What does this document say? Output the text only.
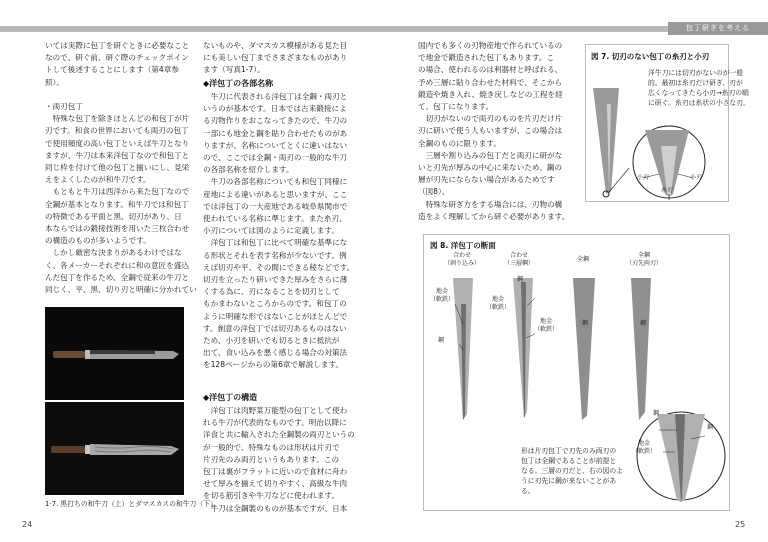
包丁研ぎを考える
いては実際に包丁を研ぐときに必要なこと
なので、研ぐ前、研ぐ際のチェックポイン
トして後述することにします（第4章参
照）。

・両刃包丁
　特殊な包丁を除きほとんどの和包丁が片
刃です。和食の世界においても両刃の包丁
で使用頻度の高い包丁といえば牛刀となり
ますが、牛刀は本来洋包丁なので和包丁と
同じ枠を付けて他の包丁と揃いにし、見栄
えをよくしたのが和牛刀です。
　もともと牛刀は西洋から来た包丁なので
全鋼が基本となります。和牛刀では和包丁
の特徴である平面と黒、切刃があり、日
本ならではの鍛接技術を用いた三枚合わせ
の構造のものが多いようです。
　しかし厳密な決まりがあるわけではな
く、各メーカーそれぞれに和の意匠を盛込
んだ包丁を作るため、全鋼で従来の牛刀と
同じく、平、黒、切り刃と明確に分かれてい
ないものや、ダマスカス模様がある見た目
にも美しい包丁までさまざまなものがあり
ます（写真1-7）。
◆洋包丁の各部名称
　牛刀に代表される洋包丁は全鋼・両刃と
いうのが基本です。日本では古来鍛接によ
る刃物作りをおこなってきたので、牛刀の
一部にも地金と鋼を貼り合わせたものがあ
りますが、名称についてとくに違いはない
ので、ここでは全鋼・両刃の一般的な牛刀
の各部名称を紹介します。
　牛刀の各部名称についても和包丁同様に
産地による違いがあると思いますが、ここ
では洋包丁の一大産地である岐阜県関市で
使われている名称に準じます。また糸刃、
小刃については図のように定義します。
　洋包丁は和包丁に比べて明確な基準にな
る形状とそれを表す名称が少ないです。例
えば切刃や平、その間にできる稜などです。
切刃を立ったり研いできた厚みをさらに薄
くする為に、刃になることを切刃として
もかまわないところからのです。和包丁の
ように明確な形ではないことがほとんどで
す。創意の洋包丁では切刃あるものはない
ため、小刃を研いでも切るときに抵抗が
出て、食い込みを悪く感じる場合の対策法
を128ページからの第6章で解説します。
◆洋包丁の構造
　洋包丁は肉野菜万能型の包丁として使わ
れる牛刀が代表的なものです。明治以降に
洋食と共に輸入された全鋼製の両刃というの
が一般的で、特殊なものは形状は片刃で
片刃先のみ両刃というもあります。この
包丁は裏がフラットに近いので食材に舟わ
せて厚みを揃えて切りやすく、高級な牛肉
を切る筋引きや牛刀などに使われます。
　牛刀は全鋼製のものが基本ですが、日本
1-7. 黒打ちの和牛刀（上）とダマスカスの和牛刀（下）。
24
国内でも多くの刃物産地で作られているの
で地金で鍛造された包丁もあります。こ
の場合、使われるのは利器材と呼ばれる、
予め三層に貼り合わせた材料で、そこから
鍛造や焼き入れ、焼き戻しなどの工程を経
て、包丁になります。
　切刃がないので両刃のものを片刃だけ片
刃に研いで使う人もいますが、この場合は
全鋼のものに限ります。
　三層や割り込みの包丁だと両刃に研がな
いと刃先が厚みの中心に来ないため、鋼の
層が刃先にならない場合があるためです
（図8）。
　特殊な研ぎ方をする場合には、刃物の構
造をよく理解してから研ぐ必要があります。
図 7. 切刃のない包丁の糸刃と小刃
洋牛刀には切刃がないのが一般
的。最初は糸刃だけ研ぎ、刃が
広くなってきたら小刃→糸刃の順
に研ぐ。糸刃は糸状の小さな刃。
小刃
糸刃
小刃
図 8. 洋包丁の断面
合わせ
（割り込み）
合わせ
（三層鋼）	全鋼
全鋼
（刃先両刃）
地金
（軟鉄）
鋼
地金
（軟鉄）
地金
（軟鉄）
鋼
鋼	鋼
鋼
鋼
地金
（軟鉄）
形は片刃包丁で刃先のみ両刃の
包丁は全鋼であることが前提と
なる。三層の刃だと、右の図のよ
うに刃先に鋼が来ないことがあ
る。
25
